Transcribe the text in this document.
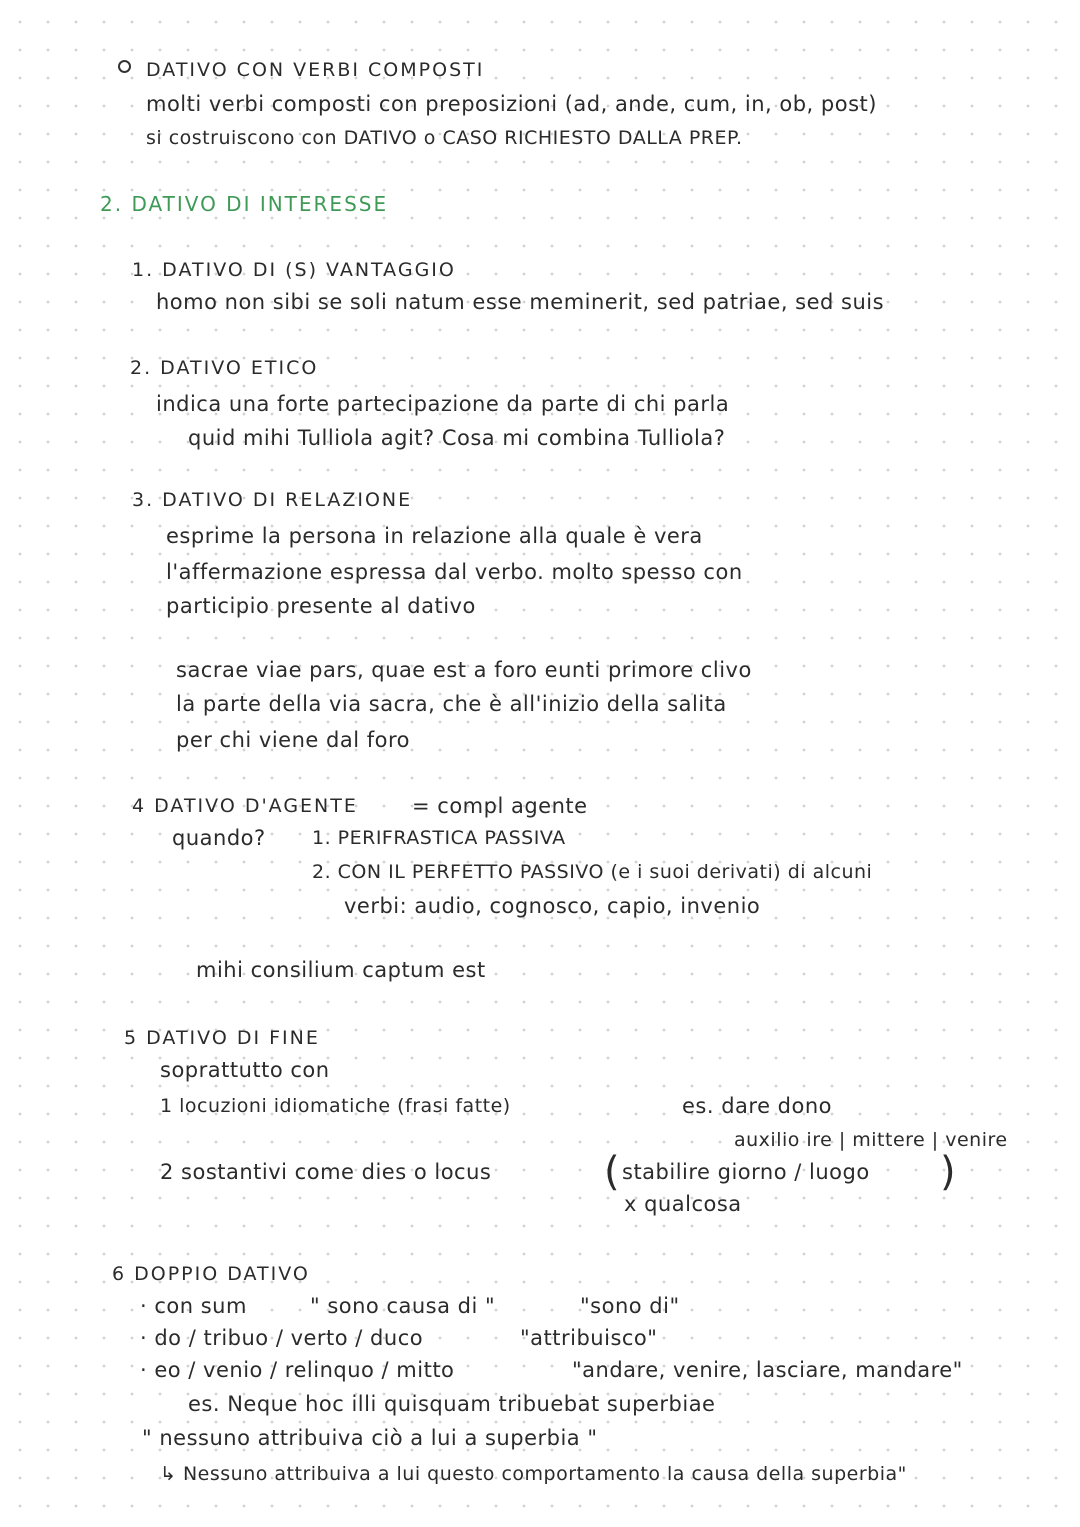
DATIVO CON VERBI COMPOSTI
molti verbi composti con preposizioni (ad, ande, cum, in, ob, post)
si costruiscono con DATIVO o CASO RICHIESTO DALLA PREP.
2. DATIVO DI INTERESSE
1. DATIVO DI (S) VANTAGGIO
homo non sibi se soli natum esse meminerit, sed patriae, sed suis
2. DATIVO ETICO
indica una forte partecipazione da parte di chi parla
quid mihi Tulliola agit? Cosa mi combina Tulliola?
3. DATIVO DI RELAZIONE
esprime la persona in relazione alla quale è vera
l'affermazione espressa dal verbo. molto spesso con
participio presente al dativo
sacrae viae pars, quae est a foro eunti primore clivo
la parte della via sacra, che è all'inizio della salita
per chi viene dal foro
4 DATIVO D'AGENTE	= compl agente
quando? 1. PERIFRASTICA PASSIVA
2. CON IL PERFETTO PASSIVO (e i suoi derivati) di alcuni
verbi: audio, cognosco, capio, invenio
mihi consilium captum est
5 DATIVO DI FINE
soprattutto con
1 locuzioni idiomatiche (frasi fatte)	es. dare dono
auxilio ire | mittere | venire
2 sostantivi come dies o locus	( stabilire giorno / luogo )
x qualcosa
6 DOPPIO DATIVO
· con sum	" sono causa di "	"sono di"
· do / tribuo / verto / duco	"attribuisco"
· eo / venio / relinquo / mitto	"andare, venire, lasciare, mandare"
es. Neque hoc illi quisquam tribuebat superbiae
" nessuno attribuiva ciò a lui a superbia "
↳ Nessuno attribuiva a lui questo comportamento la causa della superbia"
